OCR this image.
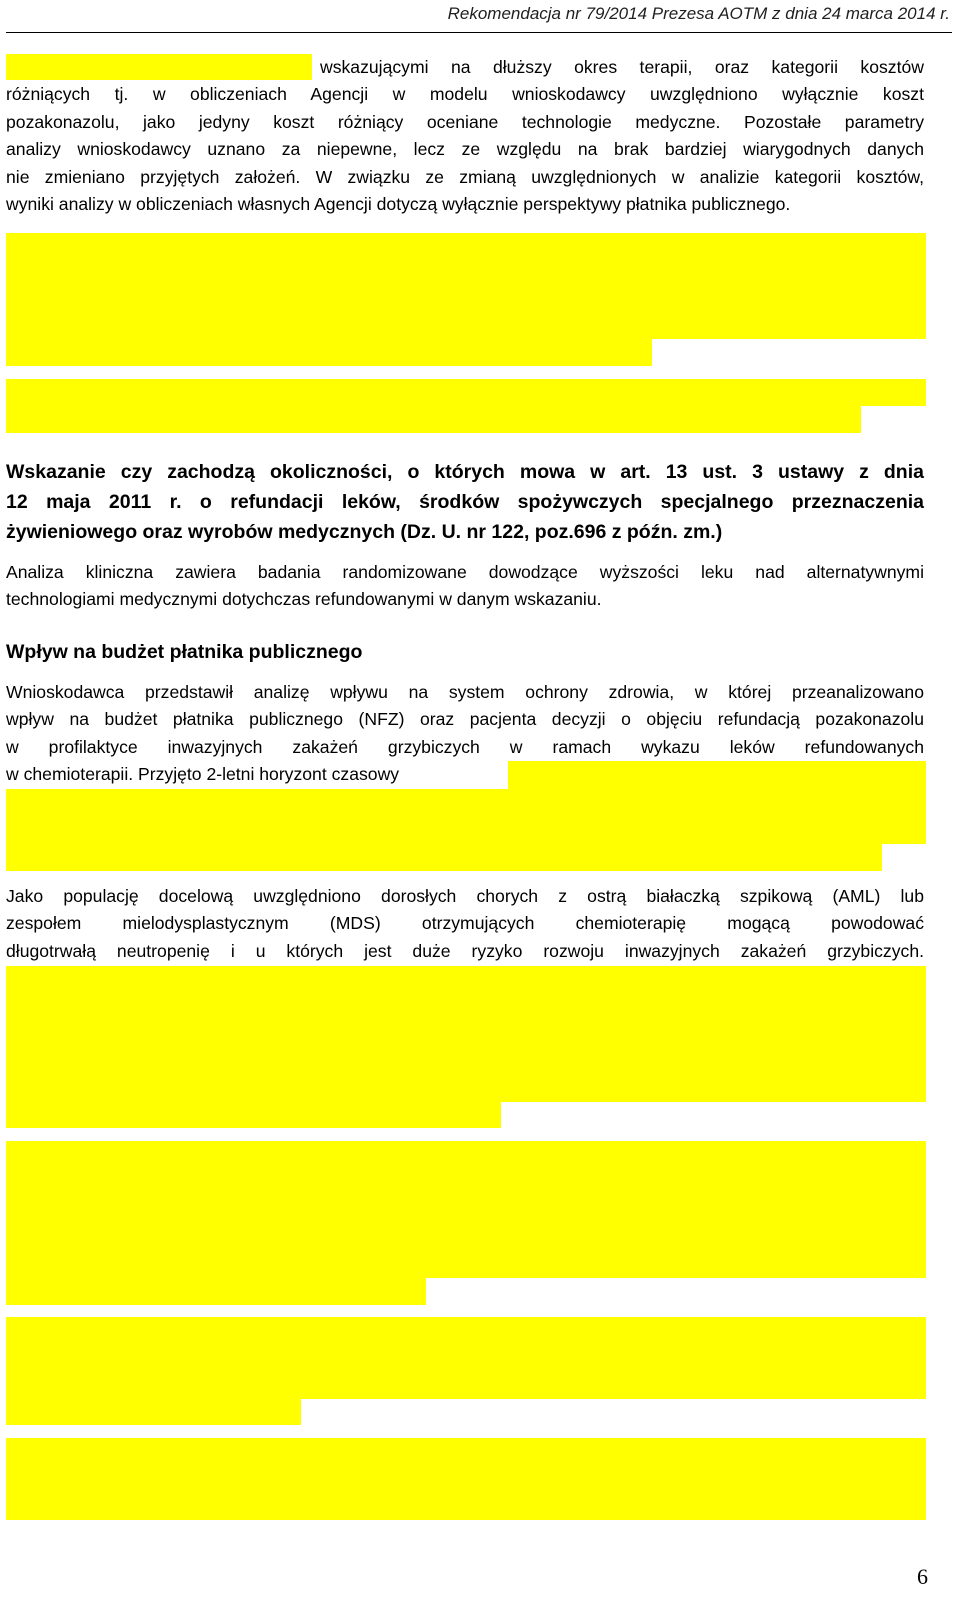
Rekomendacja nr 79/2014 Prezesa AOTM z dnia 24 marca 2014 r.
wskazującymi na dłuższy okres terapii, oraz kategorii kosztów
różniących tj. w obliczeniach Agencji w modelu wnioskodawcy uwzględniono wyłącznie koszt
pozakonazolu, jako jedyny koszt różniący oceniane technologie medyczne. Pozostałe parametry
analizy wnioskodawcy uznano za niepewne, lecz ze względu na brak bardziej wiarygodnych danych
nie zmieniano przyjętych założeń. W związku ze zmianą uwzględnionych w analizie kategorii kosztów,
wyniki analizy w obliczeniach własnych Agencji dotyczą wyłącznie perspektywy płatnika publicznego.
Wskazanie czy zachodzą okoliczności, o których mowa w art. 13 ust. 3 ustawy z dnia
12 maja 2011 r. o refundacji leków, środków spożywczych specjalnego przeznaczenia
żywieniowego oraz wyrobów medycznych (Dz. U. nr 122, poz.696 z późn. zm.)
Analiza kliniczna zawiera badania randomizowane dowodzące wyższości leku nad alternatywnymi
technologiami medycznymi dotychczas refundowanymi w danym wskazaniu.
Wpływ na budżet płatnika publicznego
Wnioskodawca przedstawił analizę wpływu na system ochrony zdrowia, w której przeanalizowano
wpływ na budżet płatnika publicznego (NFZ) oraz pacjenta decyzji o objęciu refundacją pozakonazolu
w profilaktyce inwazyjnych zakażeń grzybiczych w ramach wykazu leków refundowanych
w chemioterapii. Przyjęto 2-letni horyzont czasowy
Jako populację docelową uwzględniono dorosłych chorych z ostrą białaczką szpikową (AML) lub
zespołem mielodysplastycznym (MDS) otrzymujących chemioterapię mogącą powodować
długotrwałą neutropenię i u których jest duże ryzyko rozwoju inwazyjnych zakażeń grzybiczych.
6
